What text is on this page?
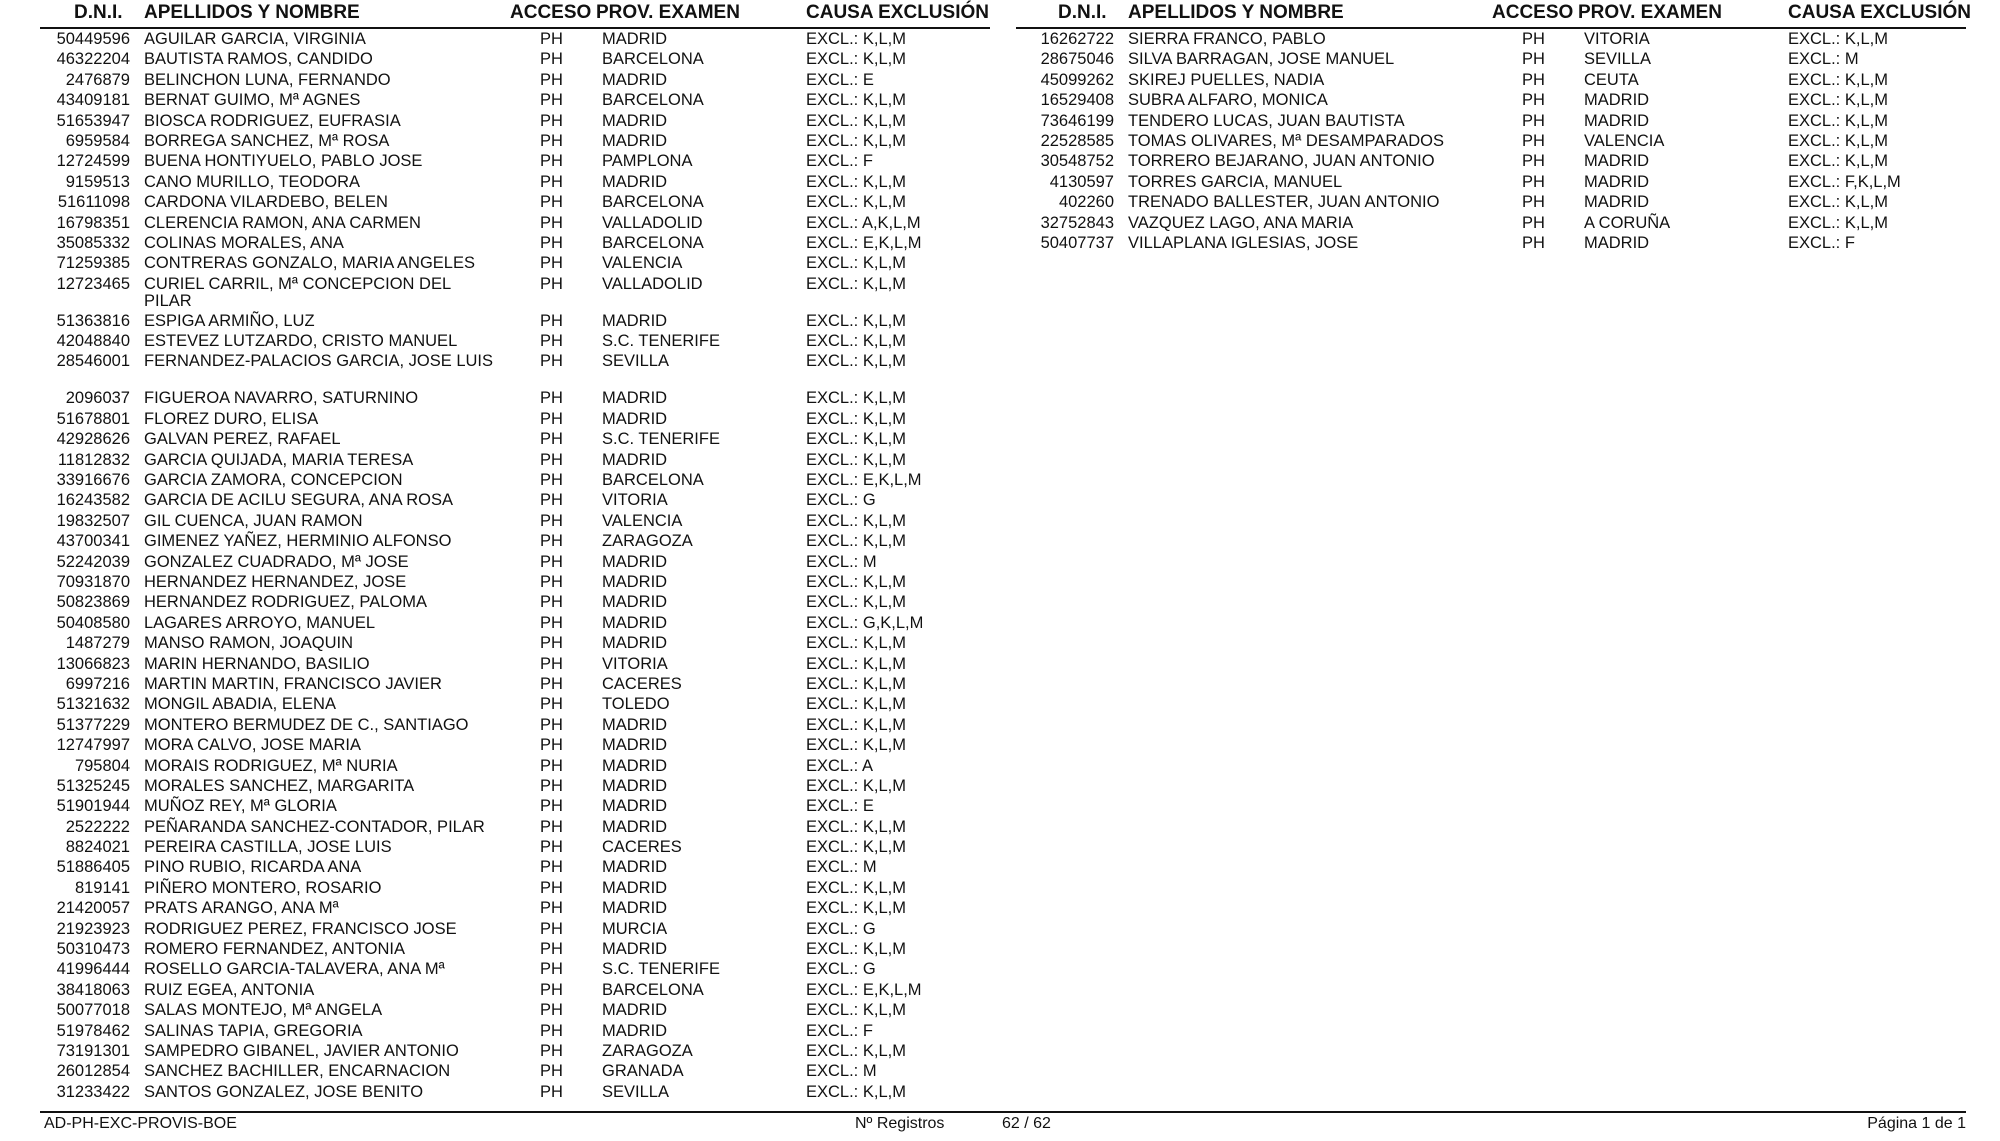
D.N.I. APELLIDOS Y NOMBRE	ACCESO PROV. EXAMEN	CAUSA EXCLUSIÓN
50449596 AGUILAR GARCIA, VIRGINIA	PH MADRID	EXCL.: K,L,M
46322204 BAUTISTA RAMOS, CANDIDO	PH BARCELONA	EXCL.: K,L,M
2476879 BELINCHON LUNA, FERNANDO	PH MADRID	EXCL.: E
43409181 BERNAT GUIMO, Mª AGNES	PH BARCELONA	EXCL.: K,L,M
51653947 BIOSCA RODRIGUEZ, EUFRASIA	PH MADRID	EXCL.: K,L,M
6959584 BORREGA SANCHEZ, Mª ROSA	PH MADRID	EXCL.: K,L,M
12724599 BUENA HONTIYUELO, PABLO JOSE	PH PAMPLONA	EXCL.: F
9159513 CANO MURILLO, TEODORA	PH MADRID	EXCL.: K,L,M
51611098 CARDONA VILARDEBO, BELEN	PH BARCELONA	EXCL.: K,L,M
16798351 CLERENCIA RAMON, ANA CARMEN	PH VALLADOLID	EXCL.: A,K,L,M
35085332 COLINAS MORALES, ANA	PH BARCELONA	EXCL.: E,K,L,M
71259385 CONTRERAS GONZALO, MARIA ANGELES	PH VALENCIA	EXCL.: K,L,M
12723465 CURIEL CARRIL, Mª CONCEPCION DEL PILAR
PH VALLADOLID	EXCL.: K,L,M
51363816 ESPIGA ARMIÑO, LUZ	PH MADRID	EXCL.: K,L,M
42048840 ESTEVEZ LUTZARDO, CRISTO MANUEL	PH S.C. TENERIFE	EXCL.: K,L,M
28546001 FERNANDEZ-PALACIOS GARCIA, JOSE LUIS	PH SEVILLA	EXCL.: K,L,M
2096037 FIGUEROA NAVARRO, SATURNINO	PH MADRID	EXCL.: K,L,M
51678801 FLOREZ DURO, ELISA	PH MADRID	EXCL.: K,L,M
42928626 GALVAN PEREZ, RAFAEL	PH S.C. TENERIFE	EXCL.: K,L,M
11812832 GARCIA QUIJADA, MARIA TERESA	PH MADRID	EXCL.: K,L,M
33916676 GARCIA ZAMORA, CONCEPCION	PH BARCELONA	EXCL.: E,K,L,M
16243582 GARCIA DE ACILU SEGURA, ANA ROSA	PH VITORIA	EXCL.: G
19832507 GIL CUENCA, JUAN RAMON	PH VALENCIA	EXCL.: K,L,M
43700341 GIMENEZ YAÑEZ, HERMINIO ALFONSO	PH ZARAGOZA	EXCL.: K,L,M
52242039 GONZALEZ CUADRADO, Mª JOSE	PH MADRID	EXCL.: M
70931870 HERNANDEZ HERNANDEZ, JOSE	PH MADRID	EXCL.: K,L,M
50823869 HERNANDEZ RODRIGUEZ, PALOMA	PH MADRID	EXCL.: K,L,M
50408580 LAGARES ARROYO, MANUEL	PH MADRID	EXCL.: G,K,L,M
1487279 MANSO RAMON, JOAQUIN	PH MADRID	EXCL.: K,L,M
13066823 MARIN HERNANDO, BASILIO	PH VITORIA	EXCL.: K,L,M
6997216 MARTIN MARTIN, FRANCISCO JAVIER	PH CACERES	EXCL.: K,L,M
51321632 MONGIL ABADIA, ELENA	PH TOLEDO	EXCL.: K,L,M
51377229 MONTERO BERMUDEZ DE C., SANTIAGO	PH MADRID	EXCL.: K,L,M
12747997 MORA CALVO, JOSE MARIA	PH MADRID	EXCL.: K,L,M
795804 MORAIS RODRIGUEZ, Mª NURIA	PH MADRID	EXCL.: A
51325245 MORALES SANCHEZ, MARGARITA	PH MADRID	EXCL.: K,L,M
51901944 MUÑOZ REY, Mª GLORIA	PH MADRID	EXCL.: E
2522222 PEÑARANDA SANCHEZ-CONTADOR, PILAR	PH MADRID	EXCL.: K,L,M
8824021 PEREIRA CASTILLA, JOSE LUIS	PH CACERES	EXCL.: K,L,M
51886405 PINO RUBIO, RICARDA ANA	PH MADRID	EXCL.: M
819141 PIÑERO MONTERO, ROSARIO	PH MADRID	EXCL.: K,L,M
21420057 PRATS ARANGO, ANA Mª	PH MADRID	EXCL.: K,L,M
21923923 RODRIGUEZ PEREZ, FRANCISCO JOSE	PH MURCIA	EXCL.: G
50310473 ROMERO FERNANDEZ, ANTONIA	PH MADRID	EXCL.: K,L,M
41996444 ROSELLO GARCIA-TALAVERA, ANA Mª	PH S.C. TENERIFE	EXCL.: G
38418063 RUIZ EGEA, ANTONIA	PH BARCELONA	EXCL.: E,K,L,M
50077018 SALAS MONTEJO, Mª ANGELA	PH MADRID	EXCL.: K,L,M
51978462 SALINAS TAPIA, GREGORIA	PH MADRID	EXCL.: F
73191301 SAMPEDRO GIBANEL, JAVIER ANTONIO	PH ZARAGOZA	EXCL.: K,L,M
26012854 SANCHEZ BACHILLER, ENCARNACION	PH GRANADA	EXCL.: M
31233422 SANTOS GONZALEZ, JOSE BENITO	PH SEVILLA	EXCL.: K,L,M
D.N.I. APELLIDOS Y NOMBRE	ACCESO PROV. EXAMEN	CAUSA EXCLUSIÓN
16262722 SIERRA FRANCO, PABLO	PH VITORIA	EXCL.: K,L,M
28675046 SILVA BARRAGAN, JOSE MANUEL	PH SEVILLA	EXCL.: M
45099262 SKIREJ PUELLES, NADIA	PH CEUTA	EXCL.: K,L,M
16529408 SUBRA ALFARO, MONICA	PH MADRID	EXCL.: K,L,M
73646199 TENDERO LUCAS, JUAN BAUTISTA	PH MADRID	EXCL.: K,L,M
22528585 TOMAS OLIVARES, Mª DESAMPARADOS	PH VALENCIA	EXCL.: K,L,M
30548752 TORRERO BEJARANO, JUAN ANTONIO	PH MADRID	EXCL.: K,L,M
4130597 TORRES GARCIA, MANUEL	PH MADRID	EXCL.: F,K,L,M
402260 TRENADO BALLESTER, JUAN ANTONIO	PH MADRID	EXCL.: K,L,M
32752843 VAZQUEZ LAGO, ANA MARIA	PH A CORUÑA	EXCL.: K,L,M
50407737 VILLAPLANA IGLESIAS, JOSE	PH MADRID	EXCL.: F
AD-PH-EXC-PROVIS-BOE	Nº Registros	62 / 62	Página 1 de 1
